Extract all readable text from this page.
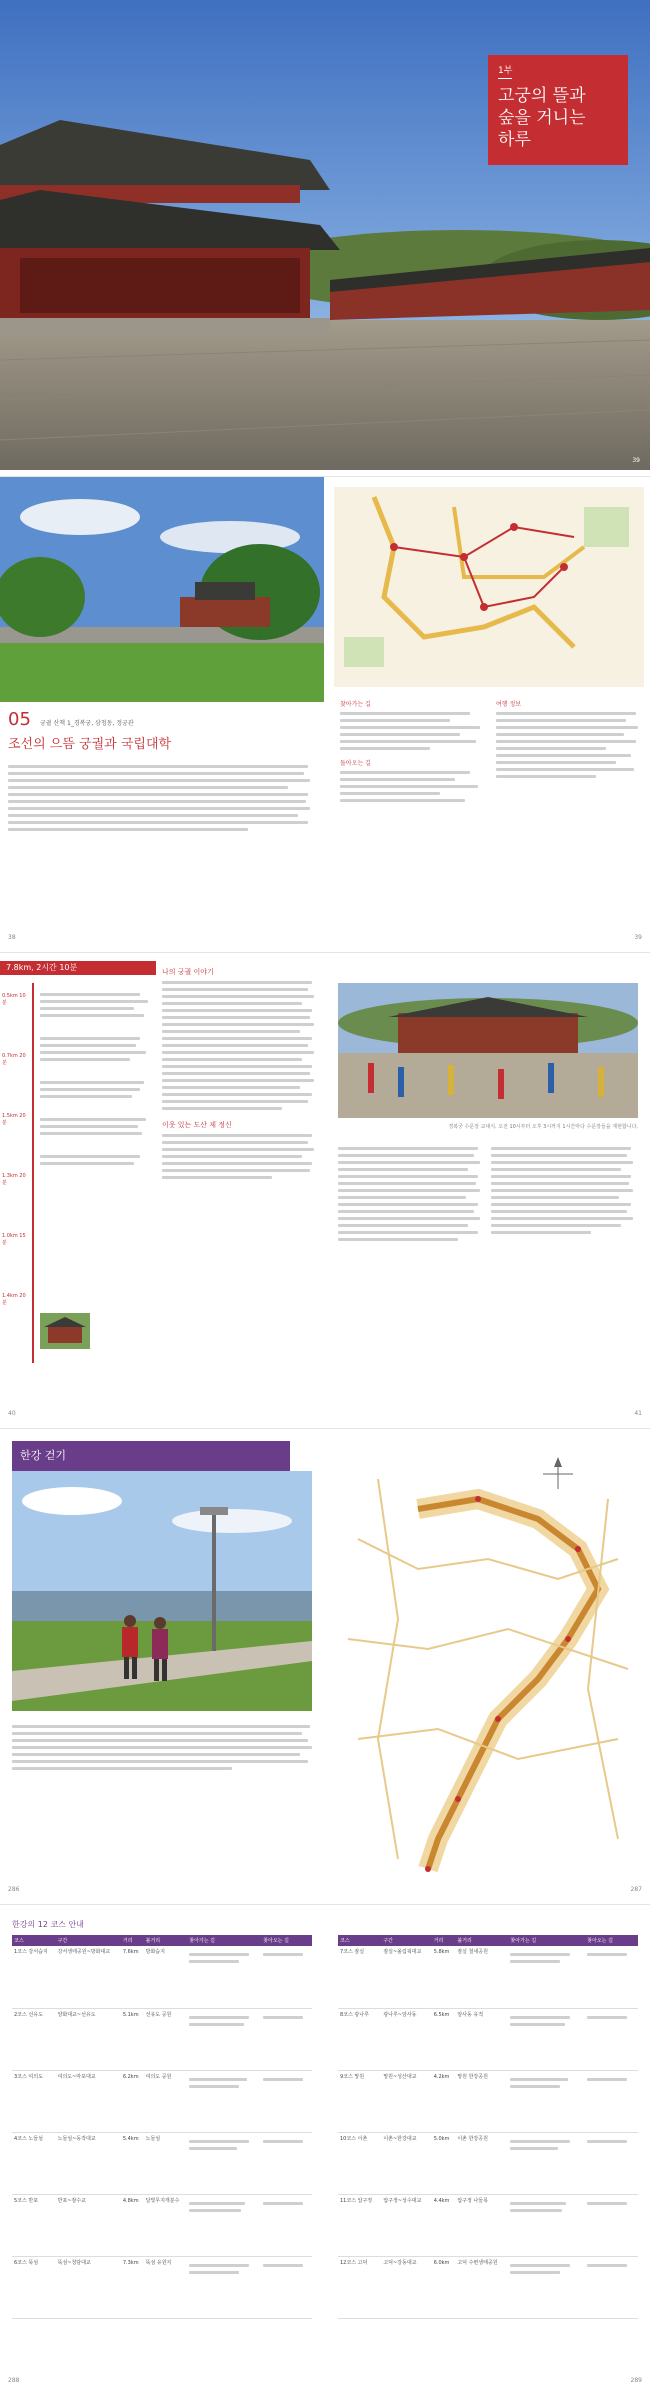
1부
고궁의 뜰과
숲을 거니는
하루
39
05 궁궐 산책 1_경복궁, 삼청동, 정궁관
조선의 으뜸 궁궐과 국립대학
38
찾아가는 길
돌아오는 길
여행 정보
39
7.8km, 2시간 10분
0.5km 10분
0.7km 20분
1.5km 20분
1.3km 20분
1.0km 15분
1.4km 20분
나의 궁궐 이야기
이웃 있는 도산 제 정신
40
경복궁 수문장 교대식. 오전 10시부터 오후 3시까지 1시간마다 수문장들을 재현합니다.
41
한강 걷기
286	287
한강의 12 코스 안내
코스	구간	거리	볼거리	찾아가는 길	찾아오는 길
1코스 강서습지	강서생태공원~방화대교	7.6km	방화습지	

2코스 선유도	양화대교~선유도	5.1km	선유도 공원	

3코스 여의도	여의도~마포대교	6.2km	여의도 공원	

4코스 노들섬	노들섬~동작대교	5.4km	노들섬	

5코스 반포	반포~잠수교	4.8km	달빛무지개분수	

6코스 뚝섬	뚝섬~청담대교	7.3km	뚝섬 유원지	

288
코스	구간	거리	볼거리	찾아가는 길	찾아오는 길
7코스 잠실	잠실~올림픽대교	5.8km	잠실 철새공원	

8코스 광나루	광나루~암사동	6.5km	암사동 유적	

9코스 망원	망원~성산대교	4.2km	망원 한강공원	

10코스 이촌	이촌~한강대교	5.0km	이촌 한강공원	

11코스 압구정	압구정~성수대교	4.4km	압구정 나들목	

12코스 고덕	고덕~강동대교	6.0km	고덕 수변생태공원	

289
